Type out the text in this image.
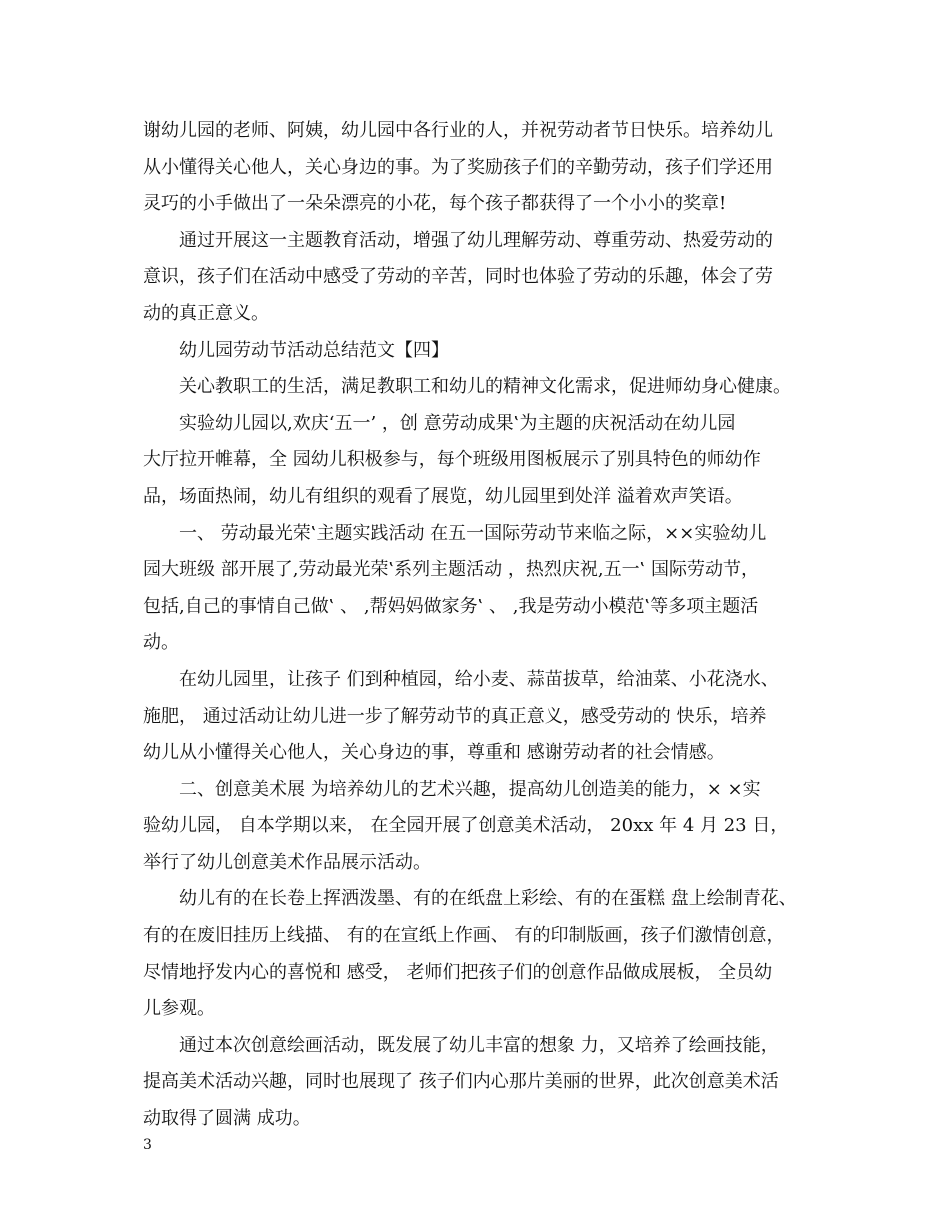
谢幼儿园的老师、阿姨，幼儿园中各行业的人，并祝劳动者节日快乐。培养幼儿
从小懂得关心他人，关心身边的事。为了奖励孩子们的辛勤劳动，孩子们学还用
灵巧的小手做出了一朵朵漂亮的小花，每个孩子都获得了一个小小的奖章!
通过开展这一主题教育活动，增强了幼儿理解劳动、尊重劳动、热爱劳动的
意识，孩子们在活动中感受了劳动的辛苦，同时也体验了劳动的乐趣，体会了劳
动的真正意义。
幼儿园劳动节活动总结范文【四】
关心教职工的生活，满足教职工和幼儿的精神文化需求，促进师幼身心健康。
实验幼儿园以,欢庆‘五一’ ，创 意劳动成果‛为主题的庆祝活动在幼儿园
大厅拉开帷幕，全 园幼儿积极参与，每个班级用图板展示了别具特色的师幼作
品，场面热闹，幼儿有组织的观看了展览，幼儿园里到处洋 溢着欢声笑语。
一、 劳动最光荣‛主题实践活动 在五一国际劳动节来临之际，××实验幼儿
园大班级 部开展了,劳动最光荣‛系列主题活动 ，热烈庆祝,五一‛ 国际劳动节，
包括,自己的事情自己做‛ 、 ,帮妈妈做家务‛ 、 ,我是劳动小模范‛等多项主题活
动。
在幼儿园里，让孩子 们到种植园，给小麦、蒜苗拔草，给油菜、小花浇水、
施肥， 通过活动让幼儿进一步了解劳动节的真正意义，感受劳动的 快乐，培养
幼儿从小懂得关心他人，关心身边的事，尊重和 感谢劳动者的社会情感。
二、创意美术展 为培养幼儿的艺术兴趣，提高幼儿创造美的能力，× ×实
验幼儿园， 自本学期以来， 在全园开展了创意美术活动， 20xx 年 4 月 23 日，
举行了幼儿创意美术作品展示活动。
幼儿有的在长卷上挥洒泼墨、有的在纸盘上彩绘、有的在蛋糕 盘上绘制青花、
有的在废旧挂历上线描、 有的在宣纸上作画、 有的印制版画，孩子们激情创意，
尽情地抒发内心的喜悦和 感受， 老师们把孩子们的创意作品做成展板， 全员幼
儿参观。
通过本次创意绘画活动，既发展了幼儿丰富的想象 力，又培养了绘画技能，
提高美术活动兴趣，同时也展现了 孩子们内心那片美丽的世界，此次创意美术活
动取得了圆满 成功。
3
